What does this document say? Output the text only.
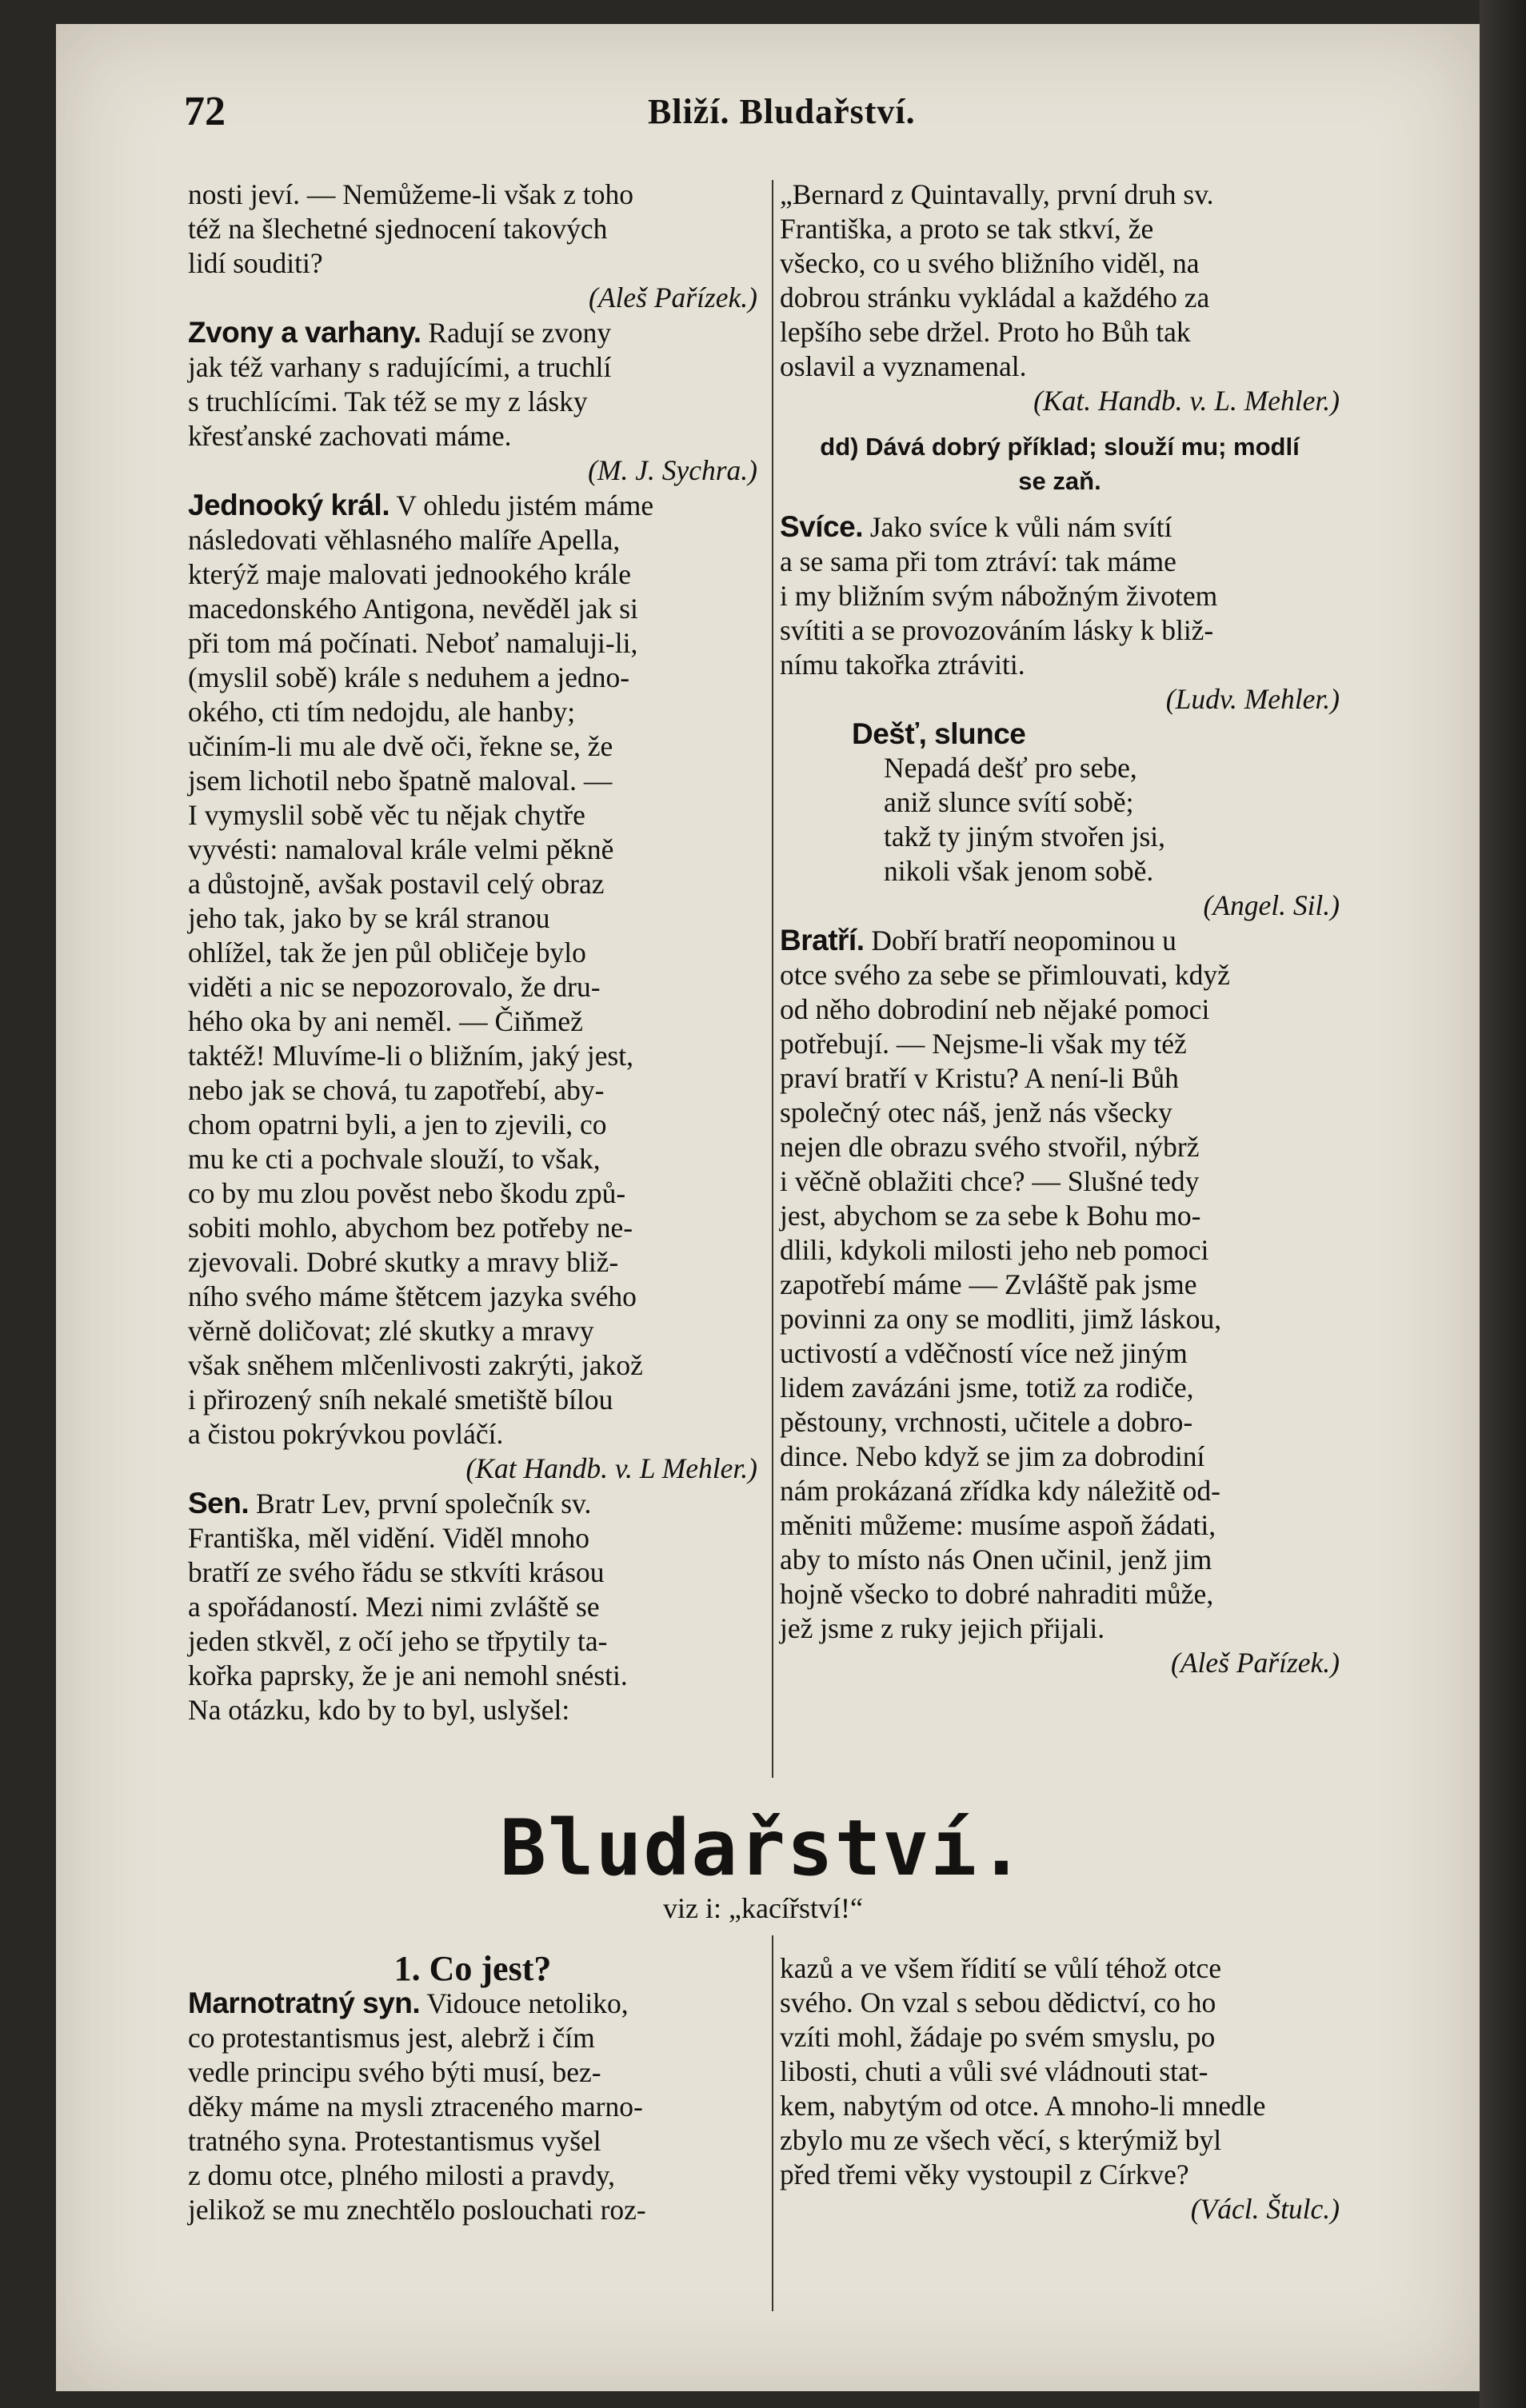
72	Bliží. Bludařství.
nosti jeví. — Nemůžeme-li však z toho
též na šlechetné sjednocení takových
lidí souditi?
(Aleš Pařízek.)
Zvony a varhany. Radují se zvony
jak též varhany s radujícími, a truchlí
s truchlícími. Tak též se my z lásky
křesťanské zachovati máme.
(M. J. Sychra.)
Jednooký král. V ohledu jistém máme
následovati věhlasného malíře Apella,
kterýž maje malovati jednookého krále
macedonského Antigona, nevěděl jak si
při tom má počínati. Neboť namaluji-li,
(myslil sobě) krále s neduhem a jedno-
okého, cti tím nedojdu, ale hanby;
učiním-li mu ale dvě oči, řekne se, že
jsem lichotil nebo špatně maloval. —
I vymyslil sobě věc tu nějak chytře
vyvésti: namaloval krále velmi pěkně
a důstojně, avšak postavil celý obraz
jeho tak, jako by se král stranou
ohlížel, tak že jen půl obličeje bylo
viděti a nic se nepozorovalo, že dru-
hého oka by ani neměl. — Čiňmež
taktéž! Mluvíme-li o bližním, jaký jest,
nebo jak se chová, tu zapotřebí, aby-
chom opatrni byli, a jen to zjevili, co
mu ke cti a pochvale slouží, to však,
co by mu zlou pověst nebo škodu způ-
sobiti mohlo, abychom bez potřeby ne-
zjevovali. Dobré skutky a mravy bliž-
ního svého máme štětcem jazyka svého
věrně doličovat; zlé skutky a mravy
však sněhem mlčenlivosti zakrýti, jakož
i přirozený sníh nekalé smetiště bílou
a čistou pokrývkou povláčí.
(Kat Handb. v. L Mehler.)
Sen. Bratr Lev, první společník sv.
Františka, měl vidění. Viděl mnoho
bratří ze svého řádu se stkvíti krásou
a spořádaností. Mezi nimi zvláště se
jeden stkvěl, z očí jeho se třpytily ta-
kořka paprsky, že je ani nemohl snésti.
Na otázku, kdo by to byl, uslyšel:
„Bernard z Quintavally, první druh sv.
Františka, a proto se tak stkví, že
všecko, co u svého bližního viděl, na
dobrou stránku vykládal a každého za
lepšího sebe držel. Proto ho Bůh tak
oslavil a vyznamenal.
(Kat. Handb. v. L. Mehler.)
dd) Dává dobrý příklad; slouží mu; modlí
se zaň.
Svíce. Jako svíce k vůli nám svítí
a se sama při tom ztráví: tak máme
i my bližním svým nábožným životem
svítiti a se provozováním lásky k bliž-
nímu takořka ztráviti.
(Ludv. Mehler.)
Dešť, slunce
Nepadá dešť pro sebe,
aniž slunce svítí sobě;
takž ty jiným stvořen jsi,
nikoli však jenom sobě.
(Angel. Sil.)
Bratří. Dobří bratří neopominou u
otce svého za sebe se přimlouvati, když
od něho dobrodiní neb nějaké pomoci
potřebují. — Nejsme-li však my též
praví bratří v Kristu? A není-li Bůh
společný otec náš, jenž nás všecky
nejen dle obrazu svého stvořil, nýbrž
i věčně oblažiti chce? — Slušné tedy
jest, abychom se za sebe k Bohu mo-
dlili, kdykoli milosti jeho neb pomoci
zapotřebí máme — Zvláště pak jsme
povinni za ony se modliti, jimž láskou,
uctivostí a vděčností více než jiným
lidem zavázáni jsme, totiž za rodiče,
pěstouny, vrchnosti, učitele a dobro-
dince. Nebo když se jim za dobrodiní
nám prokázaná zřídka kdy náležitě od-
měniti můžeme: musíme aspoň žádati,
aby to místo nás Onen učinil, jenž jim
hojně všecko to dobré nahraditi může,
jež jsme z ruky jejich přijali.
(Aleš Pařízek.)
Bludařství.
viz i: „kacířství!“
1. Co jest?
Marnotratný syn. Vidouce netoliko,
co protestantismus jest, alebrž i čím
vedle principu svého býti musí, bez-
děky máme na mysli ztraceného marno-
tratného syna. Protestantismus vyšel
z domu otce, plného milosti a pravdy,
jelikož se mu znechtělo poslouchati roz-
kazů a ve všem řídití se vůlí téhož otce
svého. On vzal s sebou dědictví, co ho
vzíti mohl, žádaje po svém smyslu, po
libosti, chuti a vůli své vládnouti stat-
kem, nabytým od otce. A mnoho-li mnedle
zbylo mu ze všech věcí, s kterýmiž byl
před třemi věky vystoupil z Církve?
(Václ. Štulc.)
